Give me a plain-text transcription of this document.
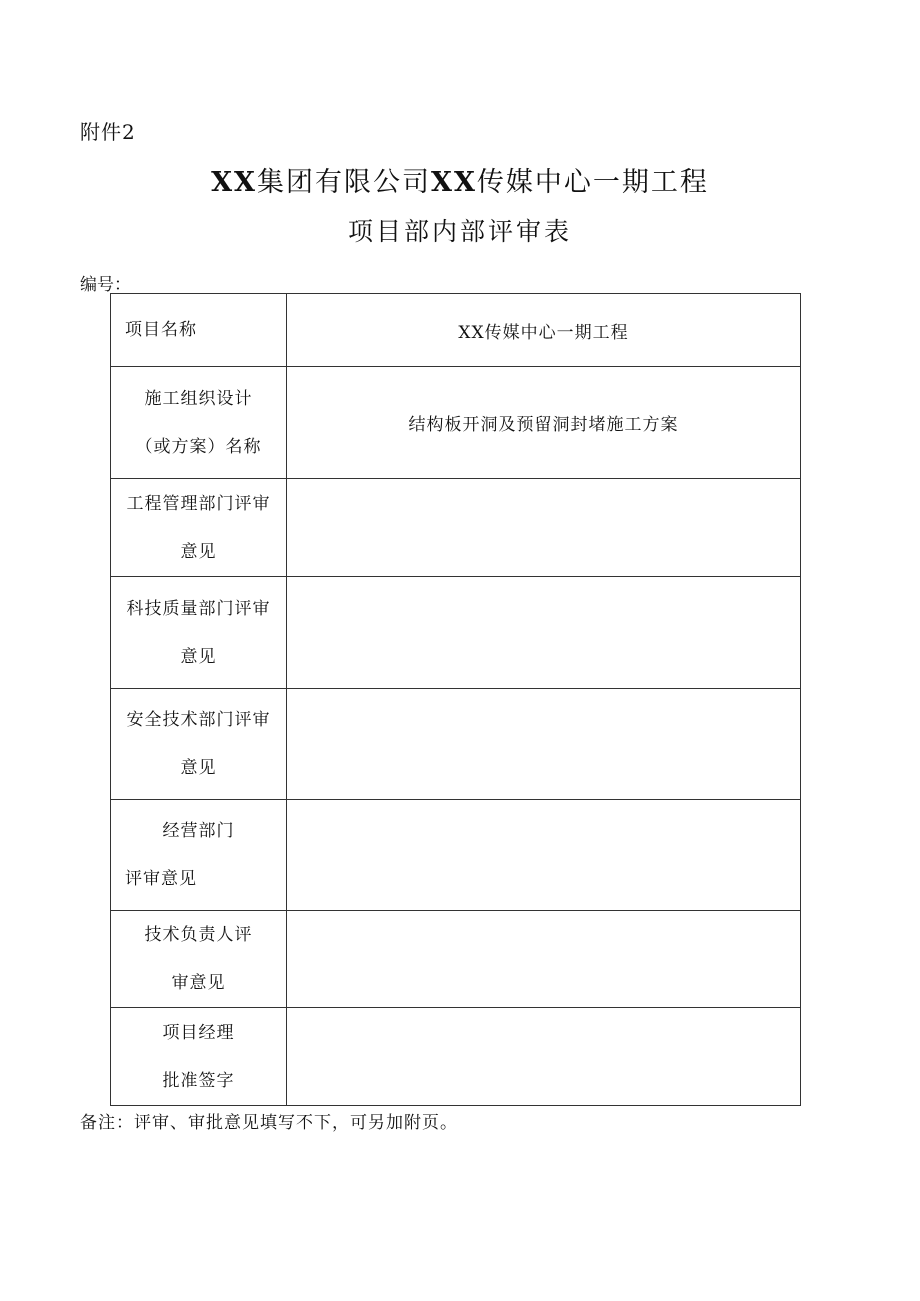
附件2
XX集团有限公司XX传媒中心一期工程
项目部内部评审表
编号：
项目名称	XX传媒中心一期工程

施工组织设计
（或方案）名称	结构板开洞及预留洞封堵施工方案

工程管理部门评审
意见	

科技质量部门评审
意见	

安全技术部门评审
意见	

经营部门
评审意见	

技术负责人评
审意见	

项目经理
批准签字	

备注：评审、审批意见填写不下，可另加附页。
